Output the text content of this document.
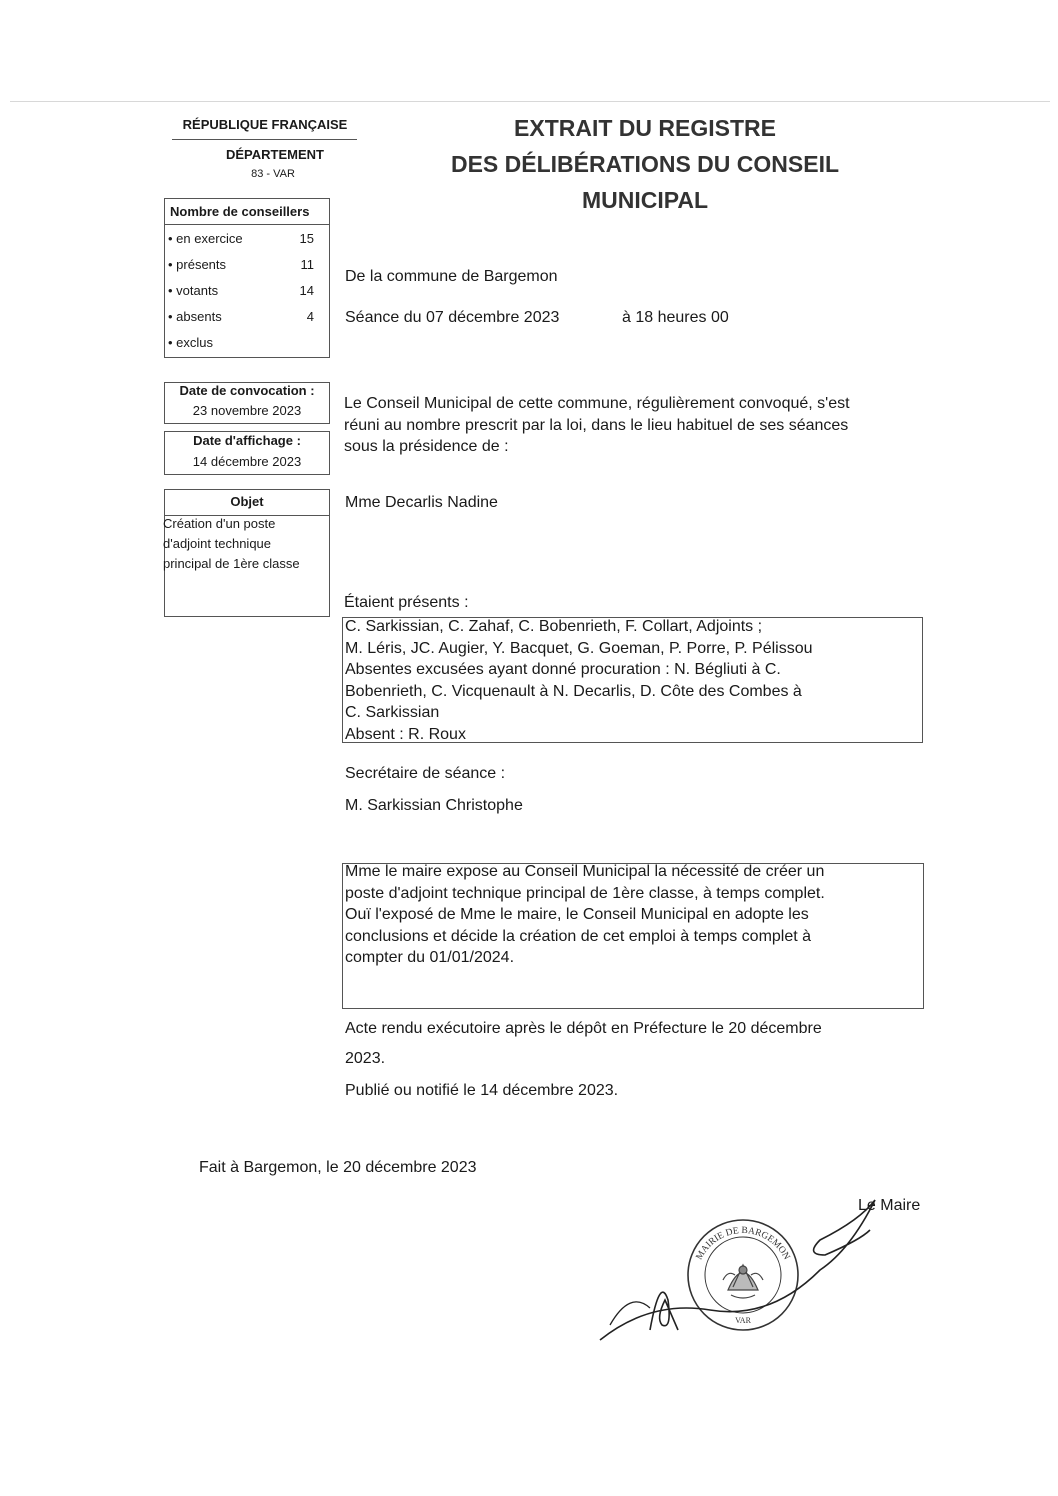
RÉPUBLIQUE FRANÇAISE
DÉPARTEMENT
83 - VAR
EXTRAIT DU REGISTRE
DES DÉLIBÉRATIONS DU CONSEIL
MUNICIPAL
Nombre de conseillers
• en exercice	15
• présents	11
• votants	14
• absents	4
• exclus
Date de convocation :
23 novembre 2023
Date d'affichage :
14 décembre 2023
Objet
Création d'un poste
d'adjoint technique
principal de 1ère classe
De la commune de Bargemon
Séance du 07 décembre 2023	à 18 heures 00
Le Conseil Municipal de cette commune, régulièrement convoqué, s'est
réuni au nombre prescrit par la loi, dans le lieu habituel de ses séances
sous la présidence de :
Mme Decarlis Nadine
Étaient présents :
C. Sarkissian, C. Zahaf, C. Bobenrieth, F. Collart, Adjoints ;
M. Léris, JC. Augier, Y. Bacquet, G. Goeman, P. Porre, P. Pélissou
Absentes excusées ayant donné procuration : N. Bégliuti à C.
Bobenrieth, C. Vicquenault à N. Decarlis, D. Côte des Combes à
C. Sarkissian
Absent : R. Roux
Secrétaire de séance :
M. Sarkissian Christophe
Mme le maire expose au Conseil Municipal la nécessité de créer un
poste d'adjoint technique principal de 1ère classe, à temps complet.
Ouï l'exposé de Mme le maire, le Conseil Municipal en adopte les
conclusions et décide la création de cet emploi à temps complet à
compter du 01/01/2024.
Acte rendu exécutoire après le dépôt en Préfecture le 20 décembre
2023.
Publié ou notifié le 14 décembre 2023.
Fait à Bargemon, le 20 décembre 2023
Le Maire
MAIRIE DE BARGEMON
VAR
